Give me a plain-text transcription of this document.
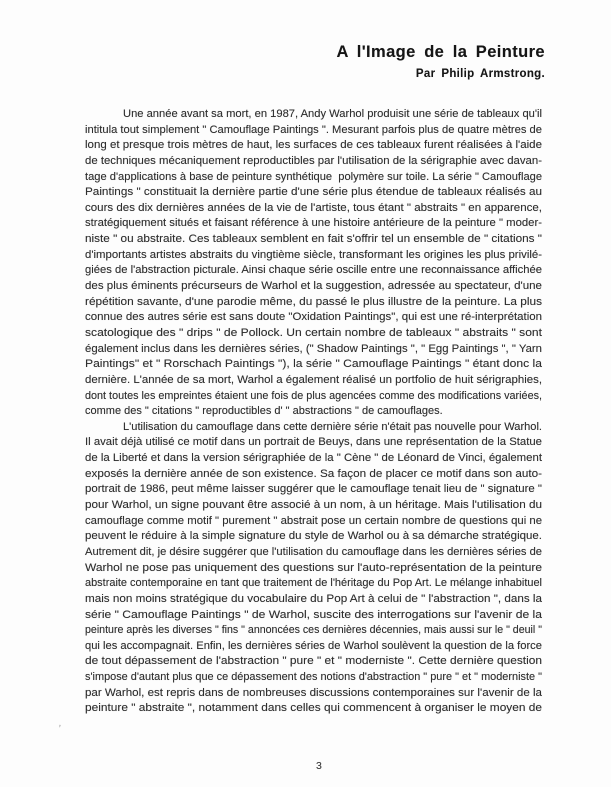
A l'Image de la Peinture
Par Philip Armstrong.
Une année avant sa mort, en 1987, Andy Warhol produisit une série de tableaux qu'il
intitula tout simplement " Camouflage Paintings ". Mesurant parfois plus de quatre mètres de
long et presque trois mètres de haut, les surfaces de ces tableaux furent réalisées à l'aide
de techniques mécaniquement reproductibles par l'utilisation de la sérigraphie avec davan-
tage d'applications à base de peinture synthétique  polymère sur toile. La série " Camouflage
Paintings " constituait la dernière partie d'une série plus étendue de tableaux réalisés au
cours des dix dernières années de la vie de l'artiste, tous étant " abstraits " en apparence,
stratégiquement situés et faisant référence à une histoire antérieure de la peinture " moder-
niste " ou abstraite. Ces tableaux semblent en fait s'offrir tel un ensemble de " citations "
d'importants artistes abstraits du vingtième siècle, transformant les origines les plus privilé-
giées de l'abstraction picturale. Ainsi chaque série oscille entre une reconnaissance affichée
des plus éminents précurseurs de Warhol et la suggestion, adressée au spectateur, d'une
répétition savante, d'une parodie même, du passé le plus illustre de la peinture. La plus
connue des autres série est sans doute "Oxidation Paintings", qui est une ré-interprétation
scatologique des " drips " de Pollock. Un certain nombre de tableaux " abstraits " sont
également inclus dans les dernières séries, (" Shadow Paintings ", " Egg Paintings ", " Yarn
Paintings" et " Rorschach Paintings "), la série " Camouflage Paintings " étant donc la
dernière. L'année de sa mort, Warhol a également réalisé un portfolio de huit sérigraphies,
dont toutes les empreintes étaient une fois de plus agencées comme des modifications variées,
comme des " citations " reproductibles d' " abstractions " de camouflages.
L'utilisation du camouflage dans cette dernière série n'était pas nouvelle pour Warhol.
Il avait déjà utilisé ce motif dans un portrait de Beuys, dans une représentation de la Statue
de la Liberté et dans la version sérigraphiée de la " Cène " de Léonard de Vinci, également
exposés la dernière année de son existence. Sa façon de placer ce motif dans son auto-
portrait de 1986, peut même laisser suggérer que le camouflage tenait lieu de " signature "
pour Warhol, un signe pouvant être associé à un nom, à un héritage. Mais l'utilisation du
camouflage comme motif " purement " abstrait pose un certain nombre de questions qui ne
peuvent le réduire à la simple signature du style de Warhol ou à sa démarche stratégique.
Autrement dit, je désire suggérer que l'utilisation du camouflage dans les dernières séries de
Warhol ne pose pas uniquement des questions sur l'auto-représentation de la peinture
abstraite contemporaine en tant que traitement de l'héritage du Pop Art. Le mélange inhabituel
mais non moins stratégique du vocabulaire du Pop Art à celui de " l'abstraction ", dans la
série " Camouflage Paintings " de Warhol, suscite des interrogations sur l'avenir de la
peinture après les diverses " fins " annoncées ces dernières décennies, mais aussi sur le " deuil "
qui les accompagnait. Enfin, les dernières séries de Warhol soulèvent la question de la force
de tout dépassement de l'abstraction " pure " et " moderniste ". Cette dernière question
s'impose d'autant plus que ce dépassement des notions d'abstraction " pure " et " moderniste "
par Warhol, est repris dans de nombreuses discussions contemporaines sur l'avenir de la
peinture " abstraite ", notamment dans celles qui commencent à organiser le moyen de
,
3
